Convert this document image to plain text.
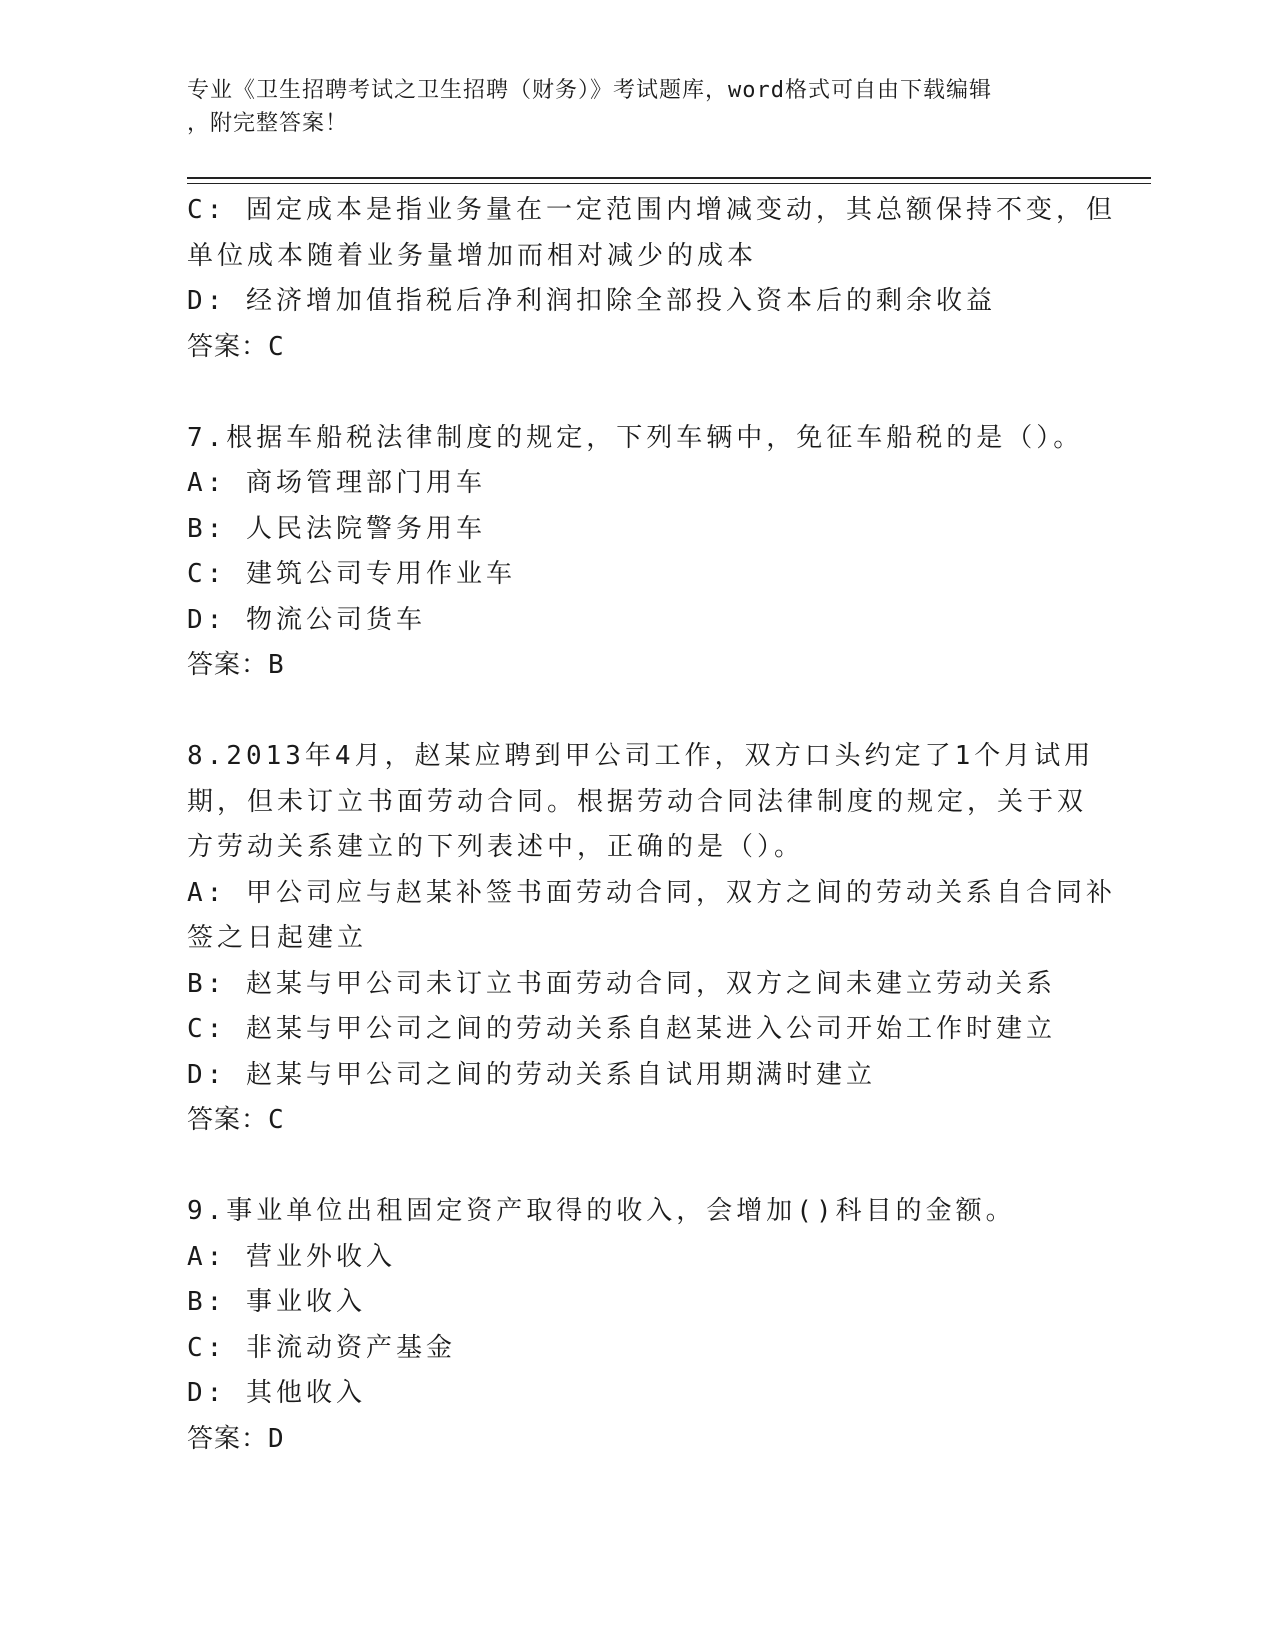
专业《卫生招聘考试之卫生招聘（财务）》考试题库，word格式可自由下载编辑
，附完整答案！
C: 固定成本是指业务量在一定范围内增减变动，其总额保持不变，但
单位成本随着业务量增加而相对减少的成本
D: 经济增加值指税后净利润扣除全部投入资本后的剩余收益
答案：C
7.根据车船税法律制度的规定，下列车辆中，免征车船税的是（）。
A: 商场管理部门用车
B: 人民法院警务用车
C: 建筑公司专用作业车
D: 物流公司货车
答案：B
8.2013年4月，赵某应聘到甲公司工作，双方口头约定了1个月试用
期，但未订立书面劳动合同。根据劳动合同法律制度的规定，关于双
方劳动关系建立的下列表述中，正确的是（）。
A: 甲公司应与赵某补签书面劳动合同，双方之间的劳动关系自合同补
签之日起建立
B: 赵某与甲公司未订立书面劳动合同，双方之间未建立劳动关系
C: 赵某与甲公司之间的劳动关系自赵某进入公司开始工作时建立
D: 赵某与甲公司之间的劳动关系自试用期满时建立
答案：C
9.事业单位出租固定资产取得的收入，会增加()科目的金额。
A: 营业外收入
B: 事业收入
C: 非流动资产基金
D: 其他收入
答案：D
